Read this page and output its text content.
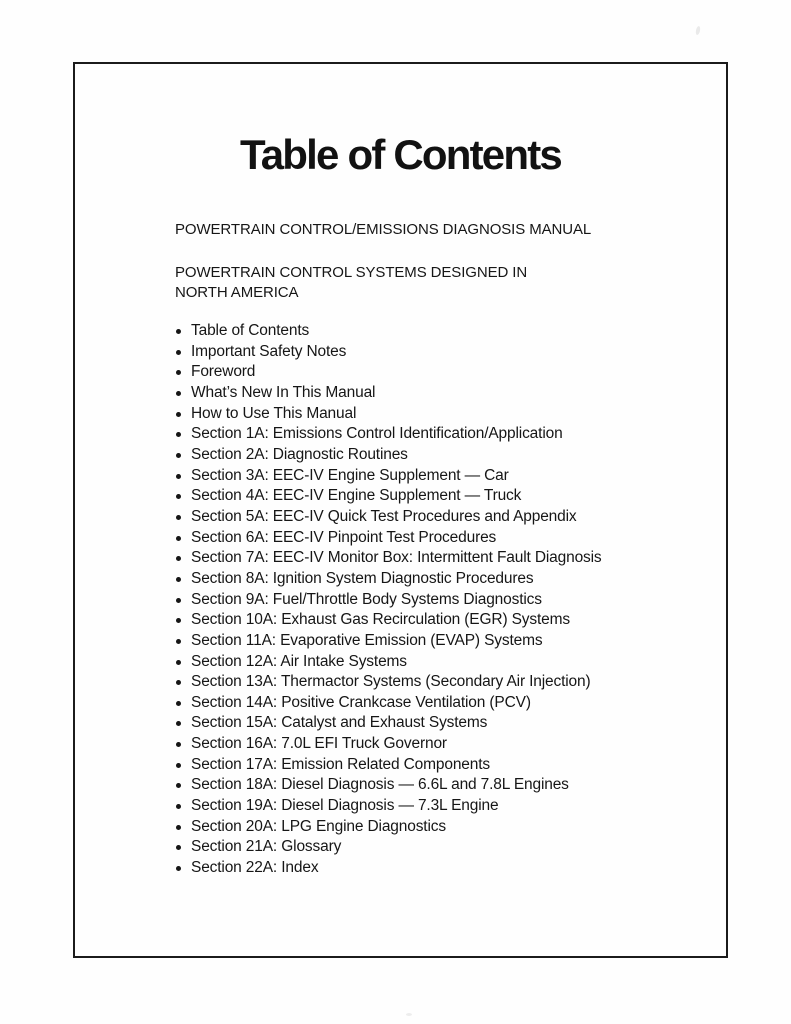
Table of Contents

POWERTRAIN CONTROL/EMISSIONS DIAGNOSIS MANUAL

POWERTRAIN CONTROL SYSTEMS DESIGNED IN
NORTH AMERICA

Table of Contents
Important Safety Notes
Foreword
What’s New In This Manual
How to Use This Manual
Section 1A: Emissions Control Identification/Application
Section 2A: Diagnostic Routines
Section 3A: EEC-IV Engine Supplement — Car
Section 4A: EEC-IV Engine Supplement — Truck
Section 5A: EEC-IV Quick Test Procedures and Appendix
Section 6A: EEC-IV Pinpoint Test Procedures
Section 7A: EEC-IV Monitor Box: Intermittent Fault Diagnosis
Section 8A: Ignition System Diagnostic Procedures
Section 9A: Fuel/Throttle Body Systems Diagnostics
Section 10A: Exhaust Gas Recirculation (EGR) Systems
Section 11A: Evaporative Emission (EVAP) Systems
Section 12A: Air Intake Systems
Section 13A: Thermactor Systems (Secondary Air Injection)
Section 14A: Positive Crankcase Ventilation (PCV)
Section 15A: Catalyst and Exhaust Systems
Section 16A: 7.0L EFI Truck Governor
Section 17A: Emission Related Components
Section 18A: Diesel Diagnosis — 6.6L and 7.8L Engines
Section 19A: Diesel Diagnosis — 7.3L Engine
Section 20A: LPG Engine Diagnostics
Section 21A: Glossary
Section 22A: Index
